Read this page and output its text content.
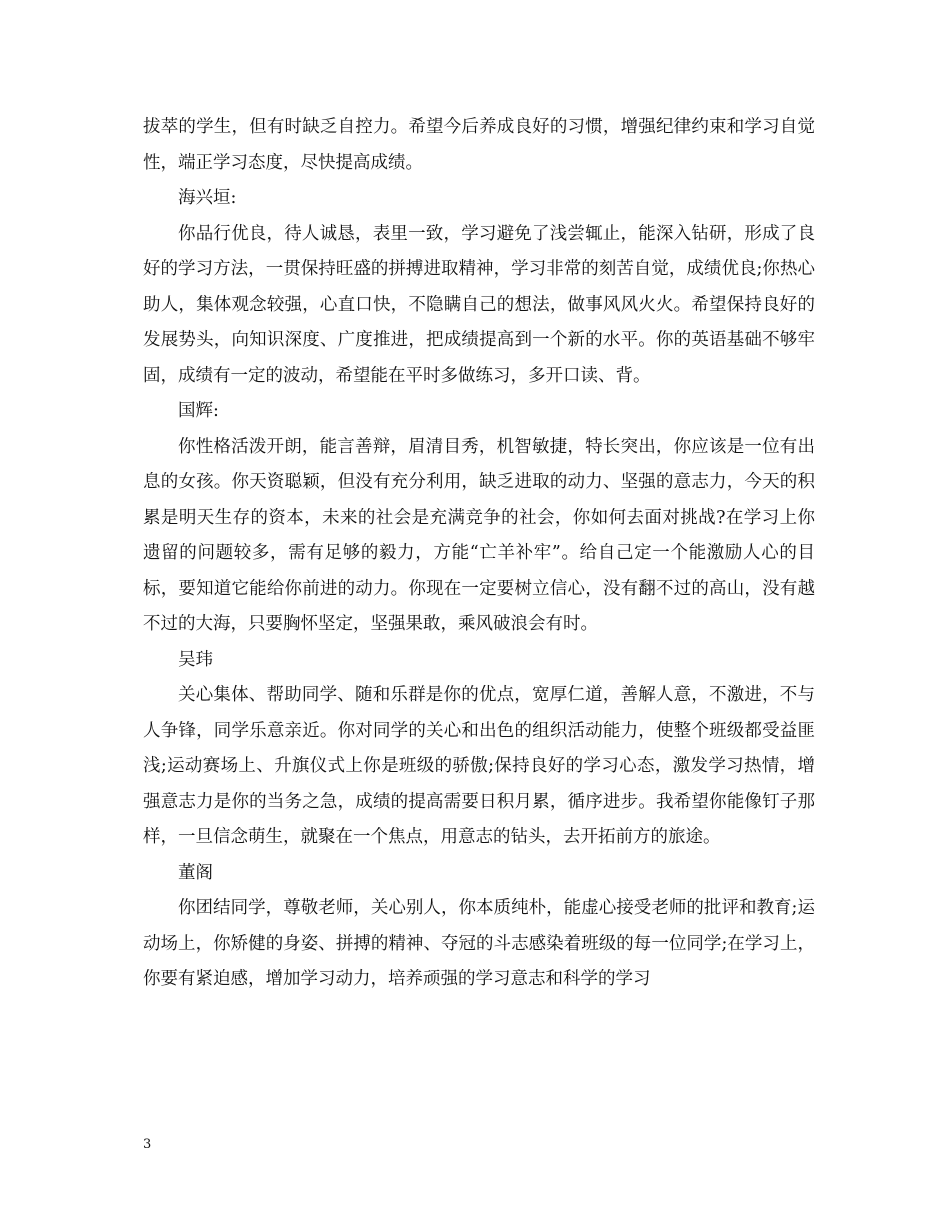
拔萃的学生，但有时缺乏自控力。希望今后养成良好的习惯，增强纪律约束和学习自觉性，端正学习态度，尽快提高成绩。

海兴垣:

你品行优良，待人诚恳，表里一致，学习避免了浅尝辄止，能深入钻研，形成了良好的学习方法，一贯保持旺盛的拼搏进取精神，学习非常的刻苦自觉，成绩优良;你热心助人，集体观念较强，心直口快，不隐瞒自己的想法，做事风风火火。希望保持良好的发展势头，向知识深度、广度推进，把成绩提高到一个新的水平。你的英语基础不够牢固，成绩有一定的波动，希望能在平时多做练习，多开口读、背。

国辉:

你性格活泼开朗，能言善辩，眉清目秀，机智敏捷，特长突出，你应该是一位有出息的女孩。你天资聪颖，但没有充分利用，缺乏进取的动力、坚强的意志力，今天的积累是明天生存的资本，未来的社会是充满竞争的社会，你如何去面对挑战?在学习上你遗留的问题较多，需有足够的毅力，方能“亡羊补牢”。给自己定一个能激励人心的目标，要知道它能给你前进的动力。你现在一定要树立信心，没有翻不过的高山，没有越不过的大海，只要胸怀坚定，坚强果敢，乘风破浪会有时。

吴玮

关心集体、帮助同学、随和乐群是你的优点，宽厚仁道，善解人意，不激进，不与人争锋，同学乐意亲近。你对同学的关心和出色的组织活动能力，使整个班级都受益匪浅;运动赛场上、升旗仪式上你是班级的骄傲;保持良好的学习心态，激发学习热情，增强意志力是你的当务之急，成绩的提高需要日积月累，循序进步。我希望你能像钉子那样，一旦信念萌生，就聚在一个焦点，用意志的钻头，去开拓前方的旅途。

董阁

你团结同学，尊敬老师，关心别人，你本质纯朴，能虚心接受老师的批评和教育;运动场上，你矫健的身姿、拼搏的精神、夺冠的斗志感染着班级的每一位同学;在学习上，你要有紧迫感，增加学习动力，培养顽强的学习意志和科学的学习

3
